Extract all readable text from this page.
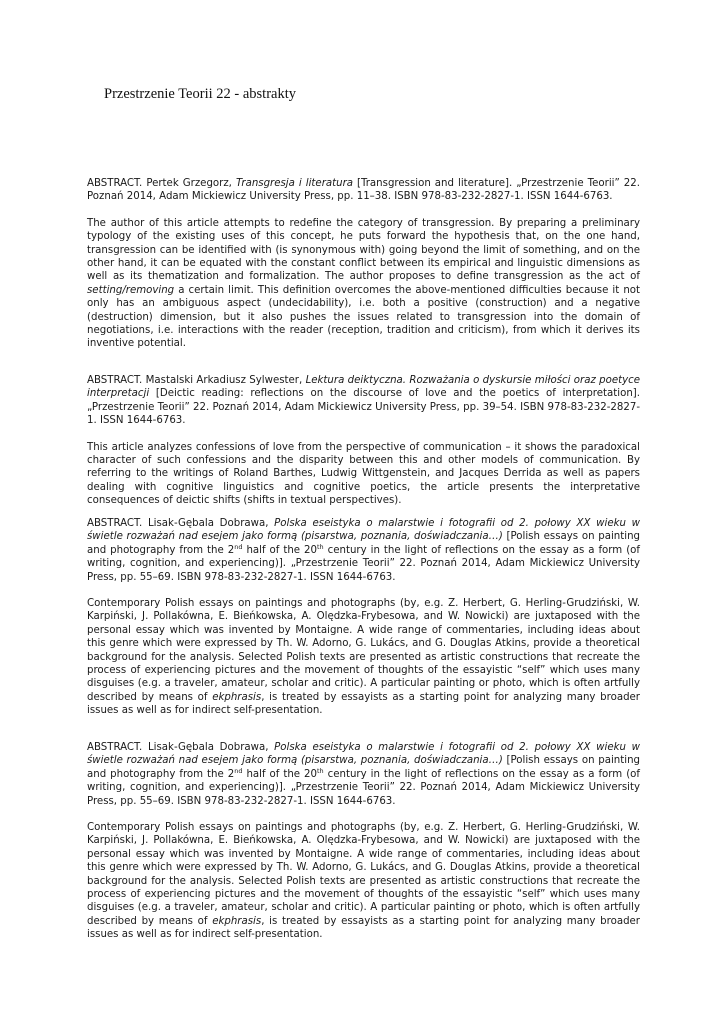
Przestrzenie Teorii 22 - abstrakty

ABSTRACT. Pertek Grzegorz, Transgresja i literatura [Transgression and literature]. „Przestrzenie Teorii” 22. Poznań 2014, Adam Mickiewicz University Press, pp. 11–38. ISBN 978-83-232-2827-1. ISSN 1644-6763.

The author of this article attempts to redefine the category of transgression. By preparing a preliminary typology of the existing uses of this concept, he puts forward the hypothesis that, on the one hand, transgression can be identified with (is synonymous with) going beyond the limit of something, and on the other hand, it can be equated with the constant conflict between its empirical and linguistic dimensions as well as its thematization and formalization. The author proposes to define transgression as the act of setting/removing a certain limit. This definition overcomes the above-mentioned difficulties because it not only has an ambiguous aspect (undecidability), i.e. both a positive (construction) and a negative (destruction) dimension, but it also pushes the issues related to transgression into the domain of negotiations, i.e. interactions with the reader (reception, tradition and criticism), from which it derives its inventive potential.

ABSTRACT. Mastalski Arkadiusz Sylwester, Lektura deiktyczna. Rozważania o dyskursie miłości oraz poetyce interpretacji [Deictic reading: reflections on the discourse of love and the poetics of interpretation]. „Przestrzenie Teorii” 22. Poznań 2014, Adam Mickiewicz University Press, pp. 39–54. ISBN 978-83-232-2827-1. ISSN 1644-6763.

This article analyzes confessions of love from the perspective of communication – it shows the paradoxical character of such confessions and the disparity between this and other models of communication. By referring to the writings of Roland Barthes, Ludwig Wittgenstein, and Jacques Derrida as well as papers dealing with cognitive linguistics and cognitive poetics, the article presents the interpretative consequences of deictic shifts (shifts in textual perspectives).

ABSTRACT. Lisak-Gębala Dobrawa, Polska eseistyka o malarstwie i fotografii od 2. połowy XX wieku w świetle rozważań nad esejem jako formą (pisarstwa, poznania, doświadczania…) [Polish essays on painting and photography from the 2nd half of the 20th century in the light of reflections on the essay as a form (of writing, cognition, and experiencing)]. „Przestrzenie Teorii” 22. Poznań 2014, Adam Mickiewicz University Press, pp. 55–69. ISBN 978-83-232-2827-1. ISSN 1644-6763.

Contemporary Polish essays on paintings and photographs (by, e.g. Z. Herbert, G. Herling-Grudziński, W. Karpiński, J. Pollakówna, E. Bieńkowska, A. Olędzka-Frybesowa, and W. Nowicki) are juxtaposed with the personal essay which was invented by Montaigne. A wide range of commentaries, including ideas about this genre which were expressed by Th. W. Adorno, G. Lukács, and G. Douglas Atkins, provide a theoretical background for the analysis. Selected Polish texts are presented as artistic constructions that recreate the process of experiencing pictures and the movement of thoughts of the essayistic “self” which uses many disguises (e.g. a traveler, amateur, scholar and critic). A particular painting or photo, which is often artfully described by means of ekphrasis, is treated by essayists as a starting point for analyzing many broader issues as well as for indirect self-presentation.

ABSTRACT. Lisak-Gębala Dobrawa, Polska eseistyka o malarstwie i fotografii od 2. połowy XX wieku w świetle rozważań nad esejem jako formą (pisarstwa, poznania, doświadczania…) [Polish essays on painting and photography from the 2nd half of the 20th century in the light of reflections on the essay as a form (of writing, cognition, and experiencing)]. „Przestrzenie Teorii” 22. Poznań 2014, Adam Mickiewicz University Press, pp. 55–69. ISBN 978-83-232-2827-1. ISSN 1644-6763.

Contemporary Polish essays on paintings and photographs (by, e.g. Z. Herbert, G. Herling-Grudziński, W. Karpiński, J. Pollakówna, E. Bieńkowska, A. Olędzka-Frybesowa, and W. Nowicki) are juxtaposed with the personal essay which was invented by Montaigne. A wide range of commentaries, including ideas about this genre which were expressed by Th. W. Adorno, G. Lukács, and G. Douglas Atkins, provide a theoretical background for the analysis. Selected Polish texts are presented as artistic constructions that recreate the process of experiencing pictures and the movement of thoughts of the essayistic “self” which uses many disguises (e.g. a traveler, amateur, scholar and critic). A particular painting or photo, which is often artfully described by means of ekphrasis, is treated by essayists as a starting point for analyzing many broader issues as well as for indirect self-presentation.
